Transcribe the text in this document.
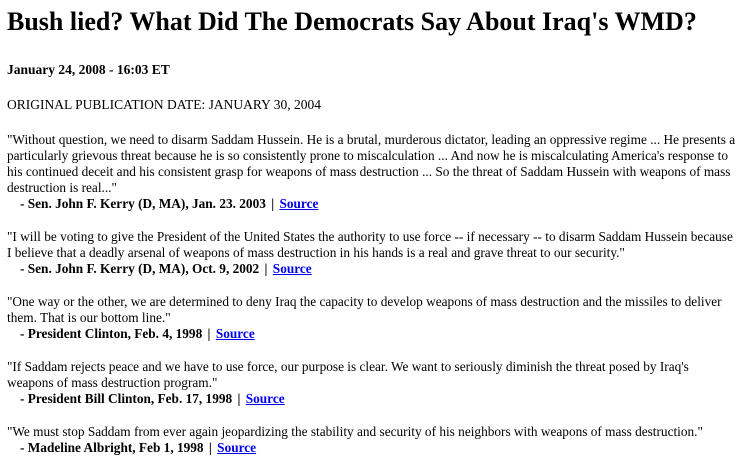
Bush lied? What Did The Democrats Say About Iraq's WMD?

January 24, 2008 - 16:03 ET

ORIGINAL PUBLICATION DATE: JANUARY 30, 2004

"Without question, we need to disarm Saddam Hussein. He is a brutal, murderous dictator, leading an oppressive regime ... He presents a particularly grievous threat because he is so consistently prone to miscalculation ... And now he is miscalculating America's response to his continued deceit and his consistent grasp for weapons of mass destruction ... So the threat of Saddam Hussein with weapons of mass destruction is real..."
- Sen. John F. Kerry (D, MA), Jan. 23. 2003 | Source

"I will be voting to give the President of the United States the authority to use force -- if necessary -- to disarm Saddam Hussein because I believe that a deadly arsenal of weapons of mass destruction in his hands is a real and grave threat to our security."
- Sen. John F. Kerry (D, MA), Oct. 9, 2002 | Source

"One way or the other, we are determined to deny Iraq the capacity to develop weapons of mass destruction and the missiles to deliver them. That is our bottom line."
- President Clinton, Feb. 4, 1998 | Source

"If Saddam rejects peace and we have to use force, our purpose is clear. We want to seriously diminish the threat posed by Iraq's weapons of mass destruction program."
- President Bill Clinton, Feb. 17, 1998 | Source

"We must stop Saddam from ever again jeopardizing the stability and security of his neighbors with weapons of mass destruction."
- Madeline Albright, Feb 1, 1998 | Source
